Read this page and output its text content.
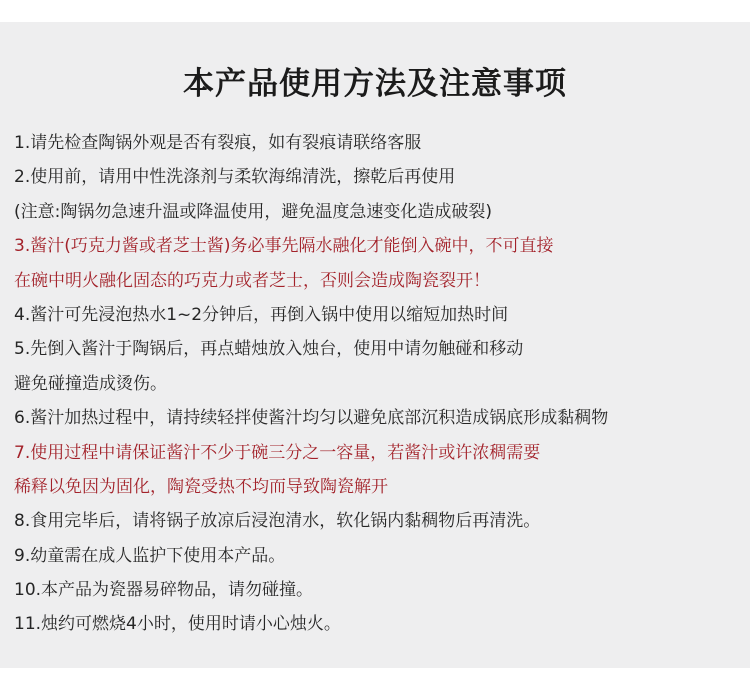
本产品使用方法及注意事项
1.请先检查陶锅外观是否有裂痕，如有裂痕请联络客服
2.使用前，请用中性洗涤剂与柔软海绵清洗，擦乾后再使用
(注意:陶锅勿急速升温或降温使用，避免温度急速变化造成破裂)
3.酱汁(巧克力酱或者芝士酱)务必事先隔水融化才能倒入碗中，不可直接
在碗中明火融化固态的巧克力或者芝士，否则会造成陶瓷裂开！
4.酱汁可先浸泡热水1~2分钟后，再倒入锅中使用以缩短加热时间
5.先倒入酱汁于陶锅后，再点蜡烛放入烛台，使用中请勿触碰和移动
避免碰撞造成烫伤。
6.酱汁加热过程中，请持续轻拌使酱汁均匀以避免底部沉积造成锅底形成黏稠物
7.使用过程中请保证酱汁不少于碗三分之一容量，若酱汁或许浓稠需要
稀释以免因为固化，陶瓷受热不均而导致陶瓷解开
8.食用完毕后，请将锅子放凉后浸泡清水，软化锅内黏稠物后再清洗。
9.幼童需在成人监护下使用本产品。
10.本产品为瓷器易碎物品，请勿碰撞。
11.烛约可燃烧4小时，使用时请小心烛火。
